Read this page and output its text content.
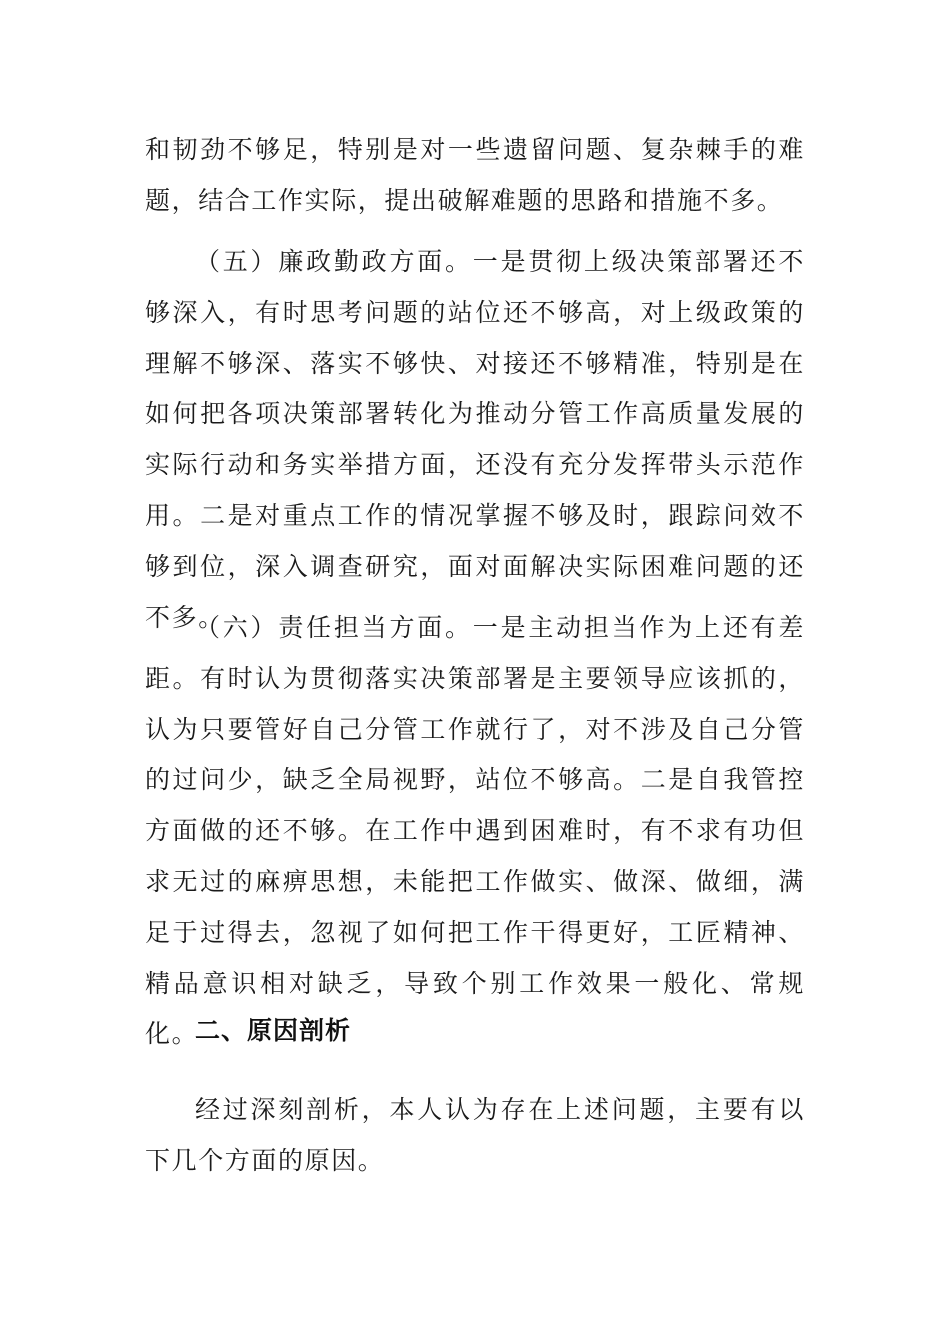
和韧劲不够足，特别是对一些遗留问题、复杂棘手的难题，结合工作实际，提出破解难题的思路和措施不多。

（五）廉政勤政方面。一是贯彻上级决策部署还不够深入，有时思考问题的站位还不够高，对上级政策的理解不够深、落实不够快、对接还不够精准，特别是在如何把各项决策部署转化为推动分管工作高质量发展的实际行动和务实举措方面，还没有充分发挥带头示范作用。二是对重点工作的情况掌握不够及时，跟踪问效不够到位，深入调查研究，面对面解决实际困难问题的还不多。

（六）责任担当方面。一是主动担当作为上还有差距。有时认为贯彻落实决策部署是主要领导应该抓的，认为只要管好自己分管工作就行了，对不涉及自己分管的过问少，缺乏全局视野，站位不够高。二是自我管控方面做的还不够。在工作中遇到困难时，有不求有功但求无过的麻痹思想，未能把工作做实、做深、做细，满足于过得去，忽视了如何把工作干得更好，工匠精神、精品意识相对缺乏，导致个别工作效果一般化、常规化。

二、原因剖析

经过深刻剖析，本人认为存在上述问题，主要有以下几个方面的原因。
